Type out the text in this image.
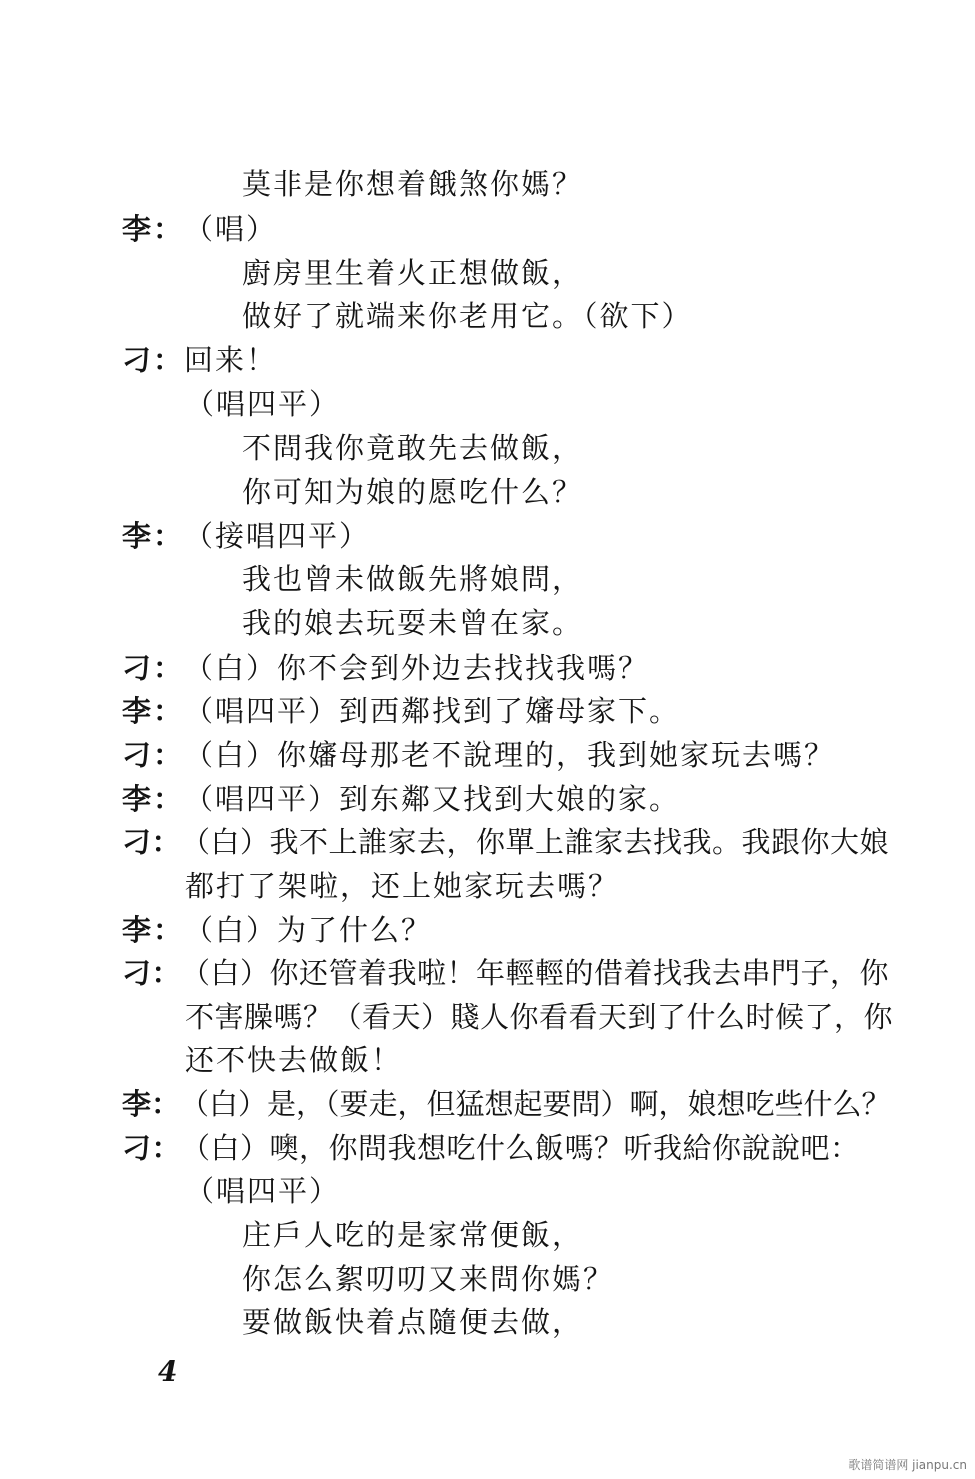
莫非是你想着餓煞你媽？
李：（唱）
廚房里生着火正想做飯，
做好了就端来你老用它。（欲下）
刁：回来！
（唱四平）
不問我你竟敢先去做飯，
你可知为娘的愿吃什么？
李：（接唱四平）
我也曾未做飯先將娘問，
我的娘去玩耍未曾在家。
刁：（白）你不会到外边去找找我嗎？
李：（唱四平）到西鄰找到了嬸母家下。
刁：（白）你嬸母那老不說理的，我到她家玩去嗎？
李：（唱四平）到东鄰又找到大娘的家。
刁：（白）我不上誰家去，你單上誰家去找我。我跟你大娘
都打了架啦，还上她家玩去嗎？
李：（白）为了什么？
刁：（白）你还管着我啦！年輕輕的借着找我去串門子，你
不害臊嗎？（看天）賤人你看看天到了什么时候了，你
还不快去做飯！
李：（白）是，（要走，但猛想起要問）啊，娘想吃些什么？
刁：（白）噢，你問我想吃什么飯嗎？听我給你說說吧：
（唱四平）
庄戶人吃的是家常便飯，
你怎么絮叨叨又来問你媽？
要做飯快着点隨便去做，
4
歌谱简谱网 jianpu.cn
